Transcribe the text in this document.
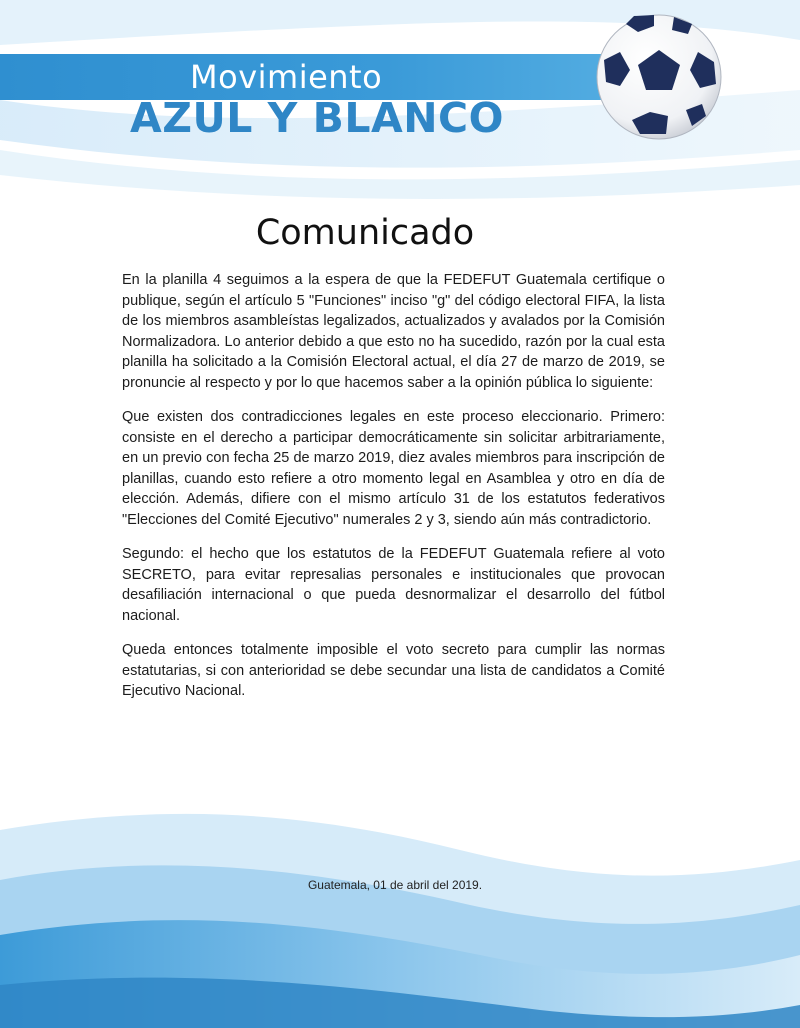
Movimiento
AZUL Y BLANCO
Comunicado

En la planilla 4 seguimos a la espera de que la FEDEFUT Guatemala certifique o publique, según el artículo 5 "Funciones" inciso "g" del código electoral FIFA, la lista de los miembros asambleístas legalizados, actualizados y avalados por la Comisión Normalizadora. Lo anterior debido a que esto no ha sucedido, razón por la cual esta planilla ha solicitado a la Comisión Electoral actual, el día 27 de marzo de 2019, se pronuncie al respecto y por lo que hacemos saber a la opinión pública lo siguiente:

Que existen dos contradicciones legales en este proceso eleccionario. Primero: consiste en el derecho a participar democráticamente sin solicitar arbitrariamente, en un previo con fecha 25 de marzo 2019, diez avales miembros para inscripción de planillas, cuando esto refiere a otro momento legal en Asamblea y otro en día de elección. Además, difiere con el mismo artículo 31 de los estatutos federativos "Elecciones del Comité Ejecutivo" numerales 2 y 3, siendo aún más contradictorio.

Segundo: el hecho que los estatutos de la FEDEFUT Guatemala refiere al voto SECRETO, para evitar represalias personales e institucionales que provocan desafiliación internacional o que pueda desnormalizar el desarrollo del fútbol nacional.

Queda entonces totalmente imposible el voto secreto para cumplir las normas estatutarias, si con anterioridad se debe secundar una lista de candidatos a Comité Ejecutivo Nacional.

Guatemala, 01 de abril del 2019.
